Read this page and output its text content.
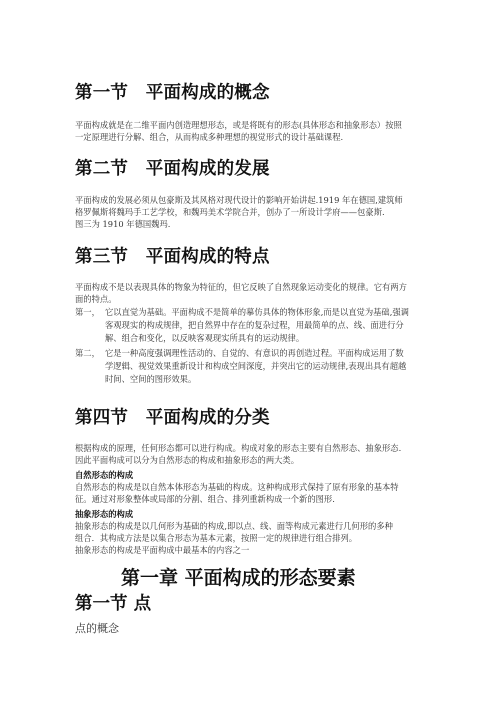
第一节　平面构成的概念
平面构成就是在二维平面内创造理想形态，或是将既有的形态(具体形态和抽象形态）按照
一定原理进行分解、组合，从而构成多种理想的视觉形式的设计基础课程.
第二节　平面构成的发展
平面构成的发展必须从包豪斯及其风格对现代设计的影响开始讲起.1919 年在德国,建筑师
格罗佩斯将魏玛手工艺学校，和魏玛美术学院合并，创办了一所设计学府——包豪斯.
图三为 1910 年德国魏玛.
第三节　平面构成的特点
平面构成不是以表现具体的物象为特征的，但它反映了自然现象运动变化的规律。它有两方
面的特点。
第一， 它以直觉为基础。平面构成不是简单的摹仿具体的物体形象,而是以直觉为基础,强调
客观现实的构成规律，把自然界中存在的复杂过程，用最简单的点、线、面进行分
解、组合和变化，以反映客观现实所具有的运动规律。
第二， 它是一种高度强调理性活动的、自觉的、有意识的再创造过程。平面构成运用了数
学逻辑、视觉效果重新设计和构成空间深度，并突出它的运动规律,表现出具有超越
时间、空间的图形效果。
第四节　平面构成的分类
根据构成的原理，任何形态都可以进行构成。构成对象的形态主要有自然形态、抽象形态.
因此平面构成可以分为自然形态的构成和抽象形态的两大类。
自然形态的构成
自然形态的构成是以自然本体形态为基础的构成。这种构成形式保持了原有形象的基本特
征。通过对形象整体或局部的分割、组合、排列重新构成一个新的图形.
抽象形态的构成
抽象形态的构成是以几何形为基础的构成,即以点、线、面等构成元素进行几何形的多种
组合．其构成方法是以集合形态为基本元素，按照一定的规律进行组合排列。
抽象形态的构成是平面构成中最基本的内容之一
第一章 平面构成的形态要素
第一节 点
点的概念
